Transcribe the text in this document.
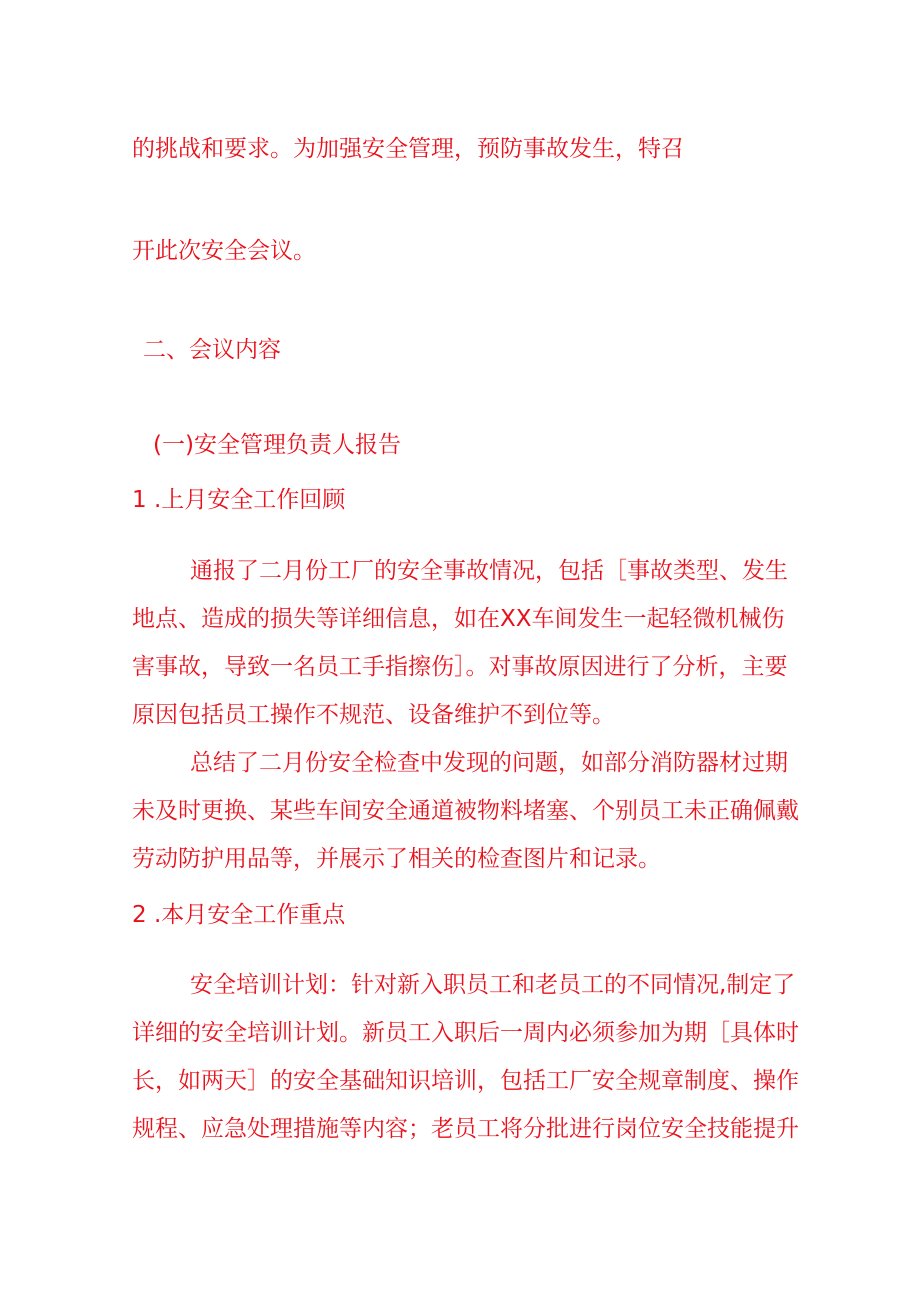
的挑战和要求。为加强安全管理，预防事故发生，特召
开此次安全会议。
二、会议内容
(一)安全管理负责人报告
1 .上月安全工作回顾
通报了二月份工厂的安全事故情况，包括［事故类型、发生
地点、造成的损失等详细信息，如在XX车间发生一起轻微机械伤
害事故，导致一名员工手指擦伤］。对事故原因进行了分析，主要
原因包括员工操作不规范、设备维护不到位等。
总结了二月份安全检查中发现的问题，如部分消防器材过期
未及时更换、某些车间安全通道被物料堵塞、个别员工未正确佩戴
劳动防护用品等，并展示了相关的检查图片和记录。
2 .本月安全工作重点
安全培训计划：针对新入职员工和老员工的不同情况,制定了
详细的安全培训计划。新员工入职后一周内必须参加为期［具体时
长，如两天］的安全基础知识培训，包括工厂安全规章制度、操作
规程、应急处理措施等内容；老员工将分批进行岗位安全技能提升
